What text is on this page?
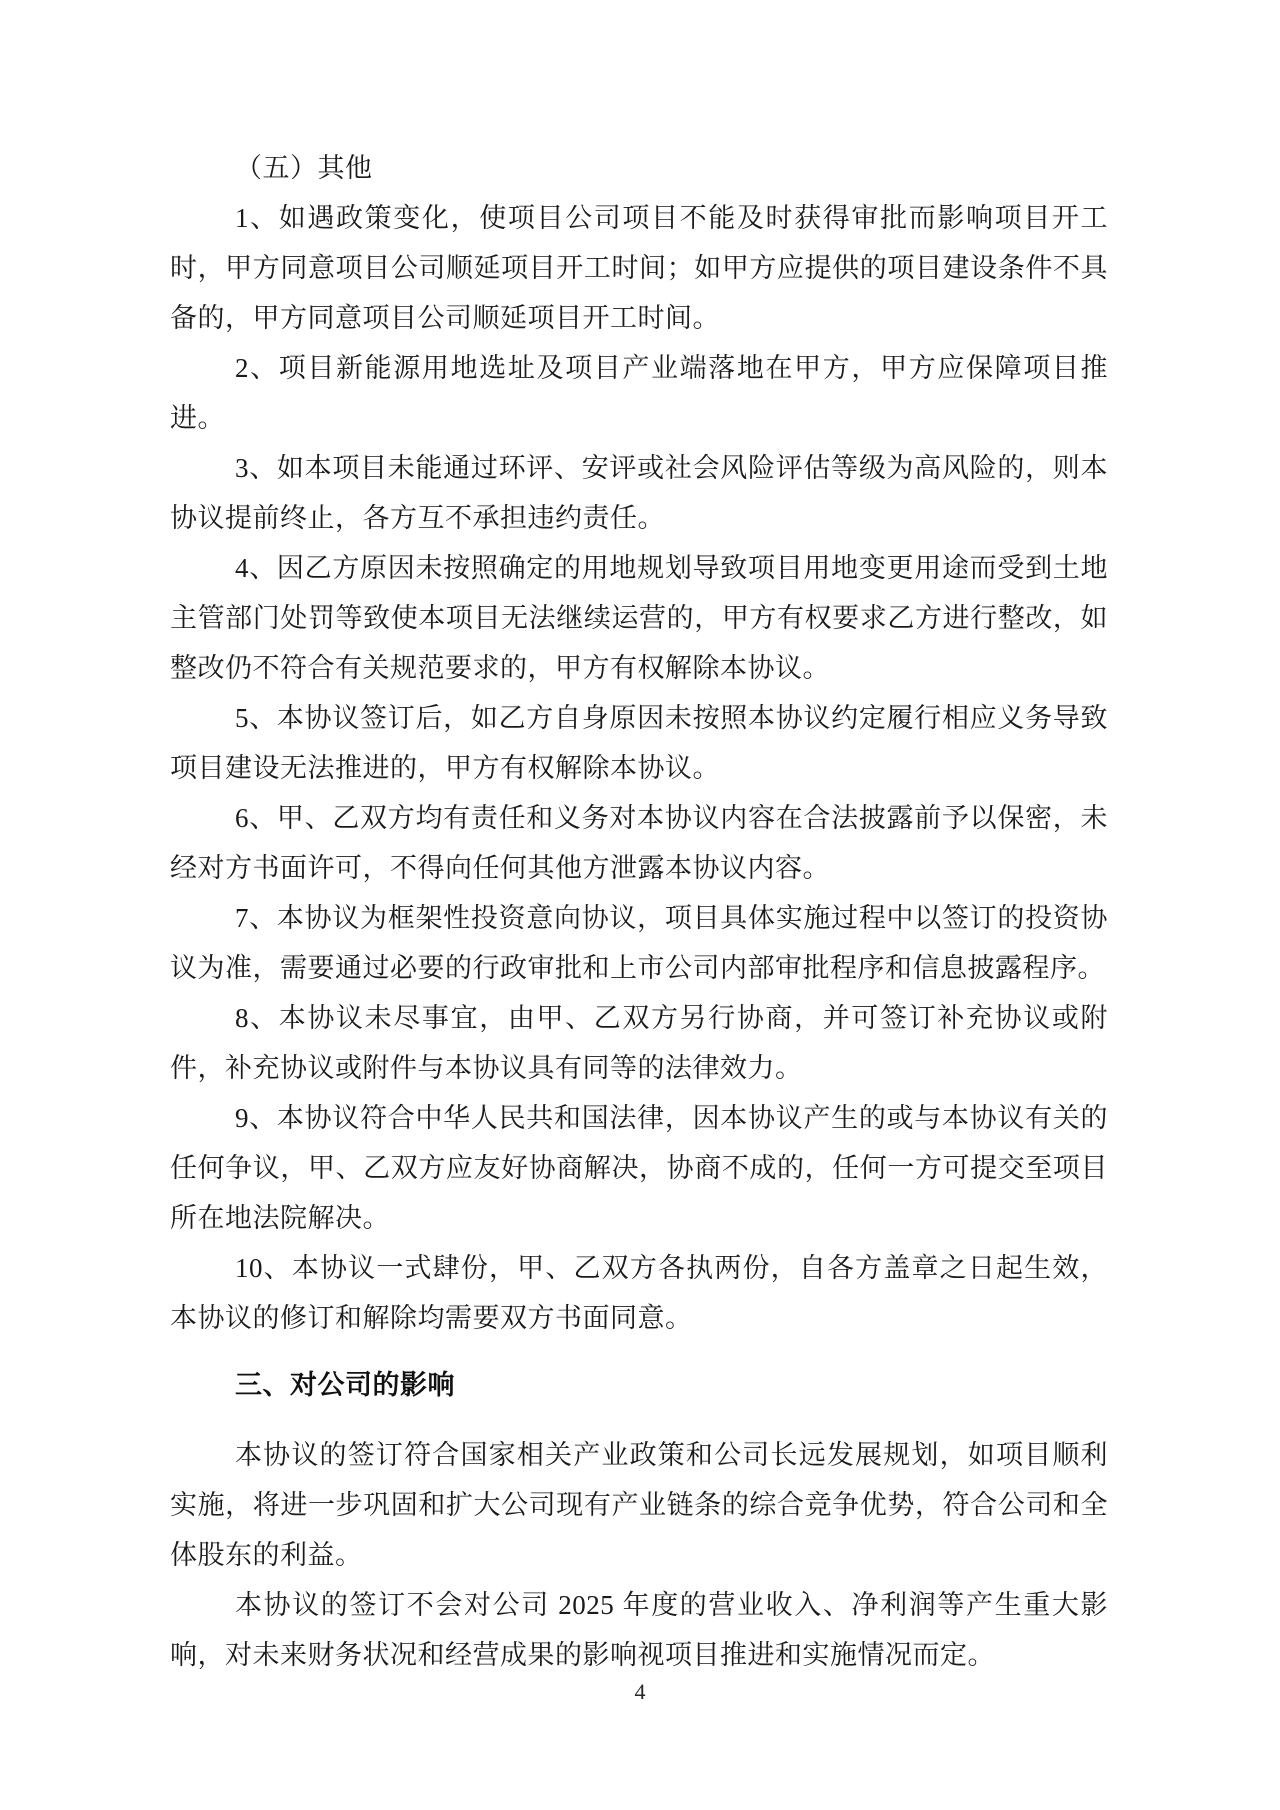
（五）其他

1、如遇政策变化，使项目公司项目不能及时获得审批而影响项目开工时，甲方同意项目公司顺延项目开工时间；如甲方应提供的项目建设条件不具备的，甲方同意项目公司顺延项目开工时间。

2、项目新能源用地选址及项目产业端落地在甲方，甲方应保障项目推进。

3、如本项目未能通过环评、安评或社会风险评估等级为高风险的，则本协议提前终止，各方互不承担违约责任。

4、因乙方原因未按照确定的用地规划导致项目用地变更用途而受到土地主管部门处罚等致使本项目无法继续运营的，甲方有权要求乙方进行整改，如整改仍不符合有关规范要求的，甲方有权解除本协议。

5、本协议签订后，如乙方自身原因未按照本协议约定履行相应义务导致项目建设无法推进的，甲方有权解除本协议。

6、甲、乙双方均有责任和义务对本协议内容在合法披露前予以保密，未经对方书面许可，不得向任何其他方泄露本协议内容。

7、本协议为框架性投资意向协议，项目具体实施过程中以签订的投资协议为准，需要通过必要的行政审批和上市公司内部审批程序和信息披露程序。

8、本协议未尽事宜，由甲、乙双方另行协商，并可签订补充协议或附件，补充协议或附件与本协议具有同等的法律效力。

9、本协议符合中华人民共和国法律，因本协议产生的或与本协议有关的任何争议，甲、乙双方应友好协商解决，协商不成的，任何一方可提交至项目所在地法院解决。

10、本协议一式肆份，甲、乙双方各执两份，自各方盖章之日起生效，本协议的修订和解除均需要双方书面同意。

三、对公司的影响

本协议的签订符合国家相关产业政策和公司长远发展规划，如项目顺利实施，将进一步巩固和扩大公司现有产业链条的综合竞争优势，符合公司和全体股东的利益。

本协议的签订不会对公司 2025 年度的营业收入、净利润等产生重大影响，对未来财务状况和经营成果的影响视项目推进和实施情况而定。

4
